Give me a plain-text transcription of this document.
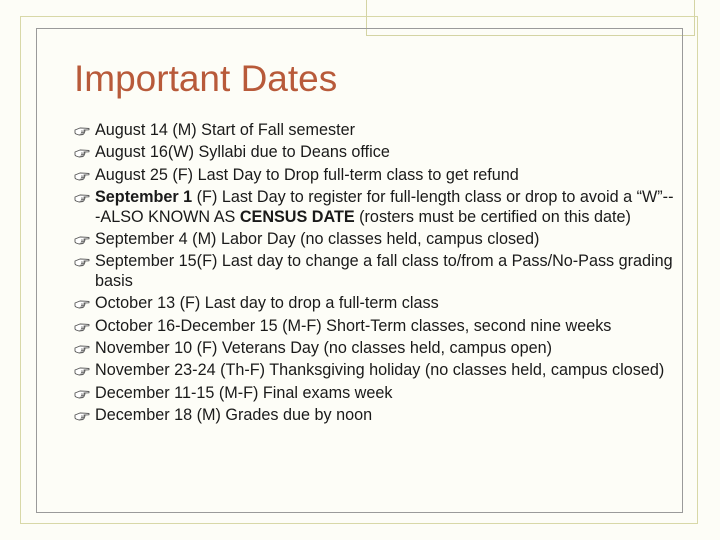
Important Dates
August 14 (M) Start of Fall semester
August 16(W) Syllabi due to Deans office
August 25 (F) Last Day to Drop full-term class to get refund
September 1 (F) Last Day to register for full-length class or drop to avoid a “W”---ALSO KNOWN AS CENSUS DATE (rosters must be certified on this date)
September 4 (M) Labor Day (no classes held, campus closed)
September 15(F) Last day to change a fall class to/from a Pass/No-Pass grading basis
October 13 (F) Last day to drop a full-term class
October 16-December 15 (M-F) Short-Term classes, second nine weeks
November 10 (F) Veterans Day (no classes held, campus open)
November 23-24 (Th-F) Thanksgiving holiday (no classes held, campus closed)
December 11-15 (M-F) Final exams week
December 18 (M) Grades due by noon
